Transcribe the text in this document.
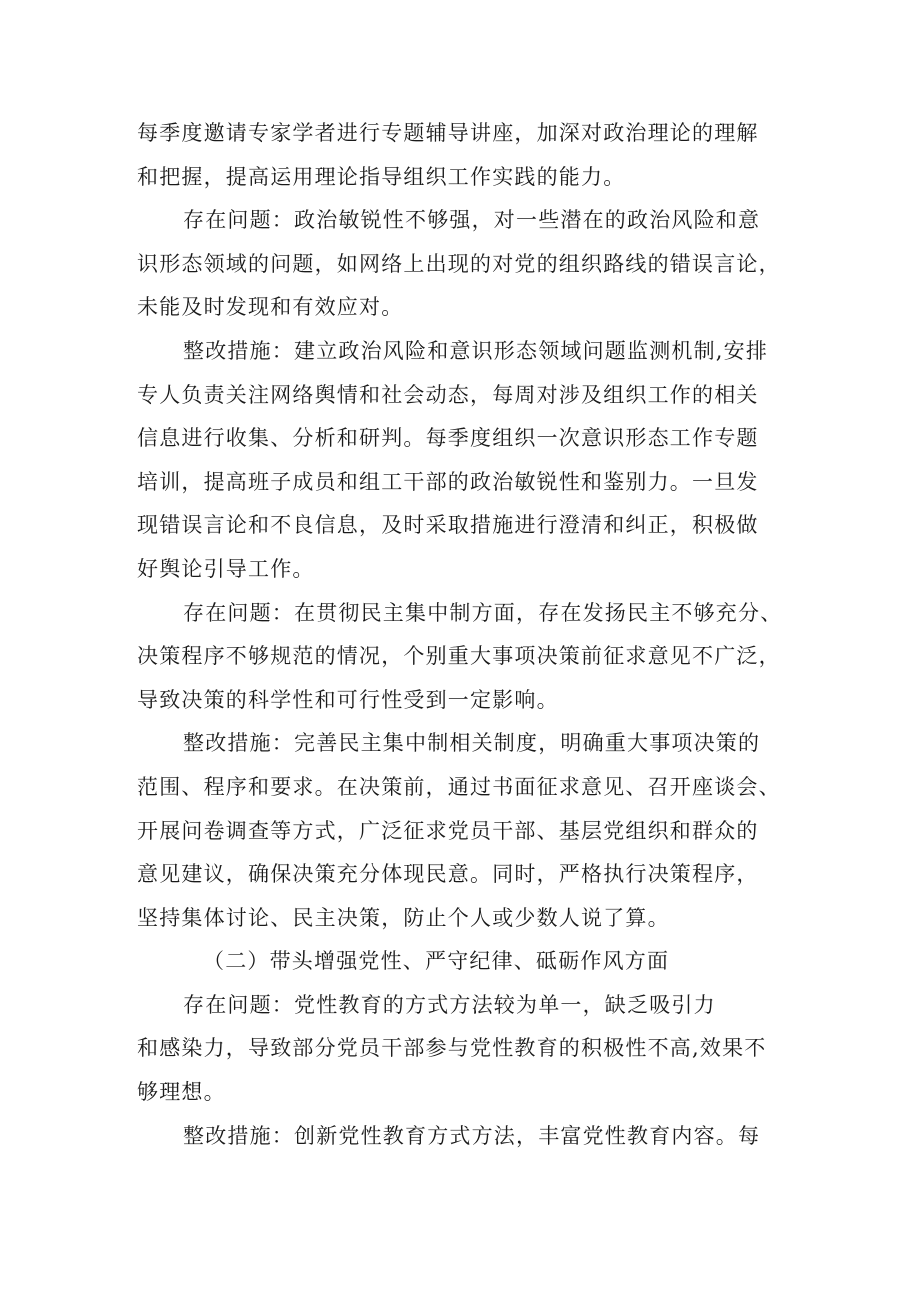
每季度邀请专家学者进行专题辅导讲座，加深对政治理论的理解
和把握，提高运用理论指导组织工作实践的能力。
存在问题：政治敏锐性不够强，对一些潜在的政治风险和意
识形态领域的问题，如网络上出现的对党的组织路线的错误言论，
未能及时发现和有效应对。
整改措施：建立政治风险和意识形态领域问题监测机制,安排
专人负责关注网络舆情和社会动态，每周对涉及组织工作的相关
信息进行收集、分析和研判。每季度组织一次意识形态工作专题
培训，提高班子成员和组工干部的政治敏锐性和鉴别力。一旦发
现错误言论和不良信息，及时采取措施进行澄清和纠正，积极做
好舆论引导工作。
存在问题：在贯彻民主集中制方面，存在发扬民主不够充分、
决策程序不够规范的情况，个别重大事项决策前征求意见不广泛，
导致决策的科学性和可行性受到一定影响。
整改措施：完善民主集中制相关制度，明确重大事项决策的
范围、程序和要求。在决策前，通过书面征求意见、召开座谈会、
开展问卷调查等方式，广泛征求党员干部、基层党组织和群众的
意见建议，确保决策充分体现民意。同时，严格执行决策程序，
坚持集体讨论、民主决策，防止个人或少数人说了算。
（二）带头增强党性、严守纪律、砥砺作风方面
存在问题：党性教育的方式方法较为单一，缺乏吸引力
和感染力，导致部分党员干部参与党性教育的积极性不高,效果不
够理想。
整改措施：创新党性教育方式方法，丰富党性教育内容。每
